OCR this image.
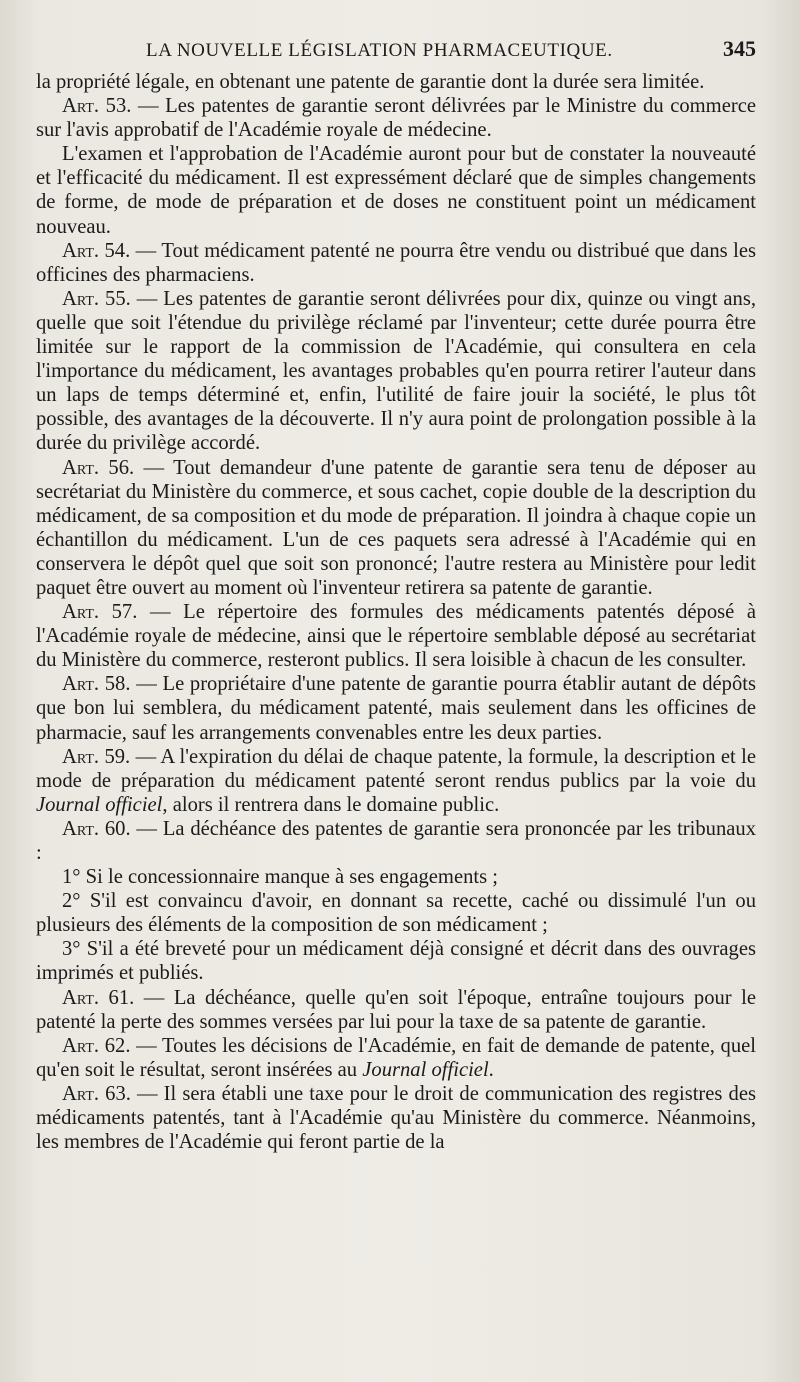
LA NOUVELLE LÉGISLATION PHARMACEUTIQUE.	345

la propriété légale, en obtenant une patente de garantie dont la durée sera limitée.

Art. 53. — Les patentes de garantie seront délivrées par le Ministre du commerce sur l'avis approbatif de l'Académie royale de médecine.

L'examen et l'approbation de l'Académie auront pour but de constater la nouveauté et l'efficacité du médicament. Il est expressément déclaré que de simples changements de forme, de mode de préparation et de doses ne constituent point un médicament nouveau.

Art. 54. — Tout médicament patenté ne pourra être vendu ou distribué que dans les officines des pharmaciens.

Art. 55. — Les patentes de garantie seront délivrées pour dix, quinze ou vingt ans, quelle que soit l'étendue du privilège réclamé par l'inventeur; cette durée pourra être limitée sur le rapport de la commission de l'Académie, qui consultera en cela l'importance du médicament, les avantages probables qu'en pourra retirer l'auteur dans un laps de temps déterminé et, enfin, l'utilité de faire jouir la société, le plus tôt possible, des avantages de la découverte. Il n'y aura point de prolongation possible à la durée du privilège accordé.

Art. 56. — Tout demandeur d'une patente de garantie sera tenu de déposer au secrétariat du Ministère du commerce, et sous cachet, copie double de la description du médicament, de sa composition et du mode de préparation. Il joindra à chaque copie un échantillon du médicament. L'un de ces paquets sera adressé à l'Académie qui en conservera le dépôt quel que soit son prononcé; l'autre restera au Ministère pour ledit paquet être ouvert au moment où l'inventeur retirera sa patente de garantie.

Art. 57. — Le répertoire des formules des médicaments patentés déposé à l'Académie royale de médecine, ainsi que le répertoire semblable déposé au secrétariat du Ministère du commerce, resteront publics. Il sera loisible à chacun de les consulter.

Art. 58. — Le propriétaire d'une patente de garantie pourra établir autant de dépôts que bon lui semblera, du médicament patenté, mais seulement dans les officines de pharmacie, sauf les arrangements convenables entre les deux parties.

Art. 59. — A l'expiration du délai de chaque patente, la formule, la description et le mode de préparation du médicament patenté seront rendus publics par la voie du Journal officiel, alors il rentrera dans le domaine public.

Art. 60. — La déchéance des patentes de garantie sera prononcée par les tribunaux :

1° Si le concessionnaire manque à ses engagements ;

2° S'il est convaincu d'avoir, en donnant sa recette, caché ou dissimulé l'un ou plusieurs des éléments de la composition de son médicament ;

3° S'il a été breveté pour un médicament déjà consigné et décrit dans des ouvrages imprimés et publiés.

Art. 61. — La déchéance, quelle qu'en soit l'époque, entraîne toujours pour le patenté la perte des sommes versées par lui pour la taxe de sa patente de garantie.

Art. 62. — Toutes les décisions de l'Académie, en fait de demande de patente, quel qu'en soit le résultat, seront insérées au Journal officiel.

Art. 63. — Il sera établi une taxe pour le droit de communication des registres des médicaments patentés, tant à l'Académie qu'au Ministère du commerce. Néanmoins, les membres de l'Académie qui feront partie de la
